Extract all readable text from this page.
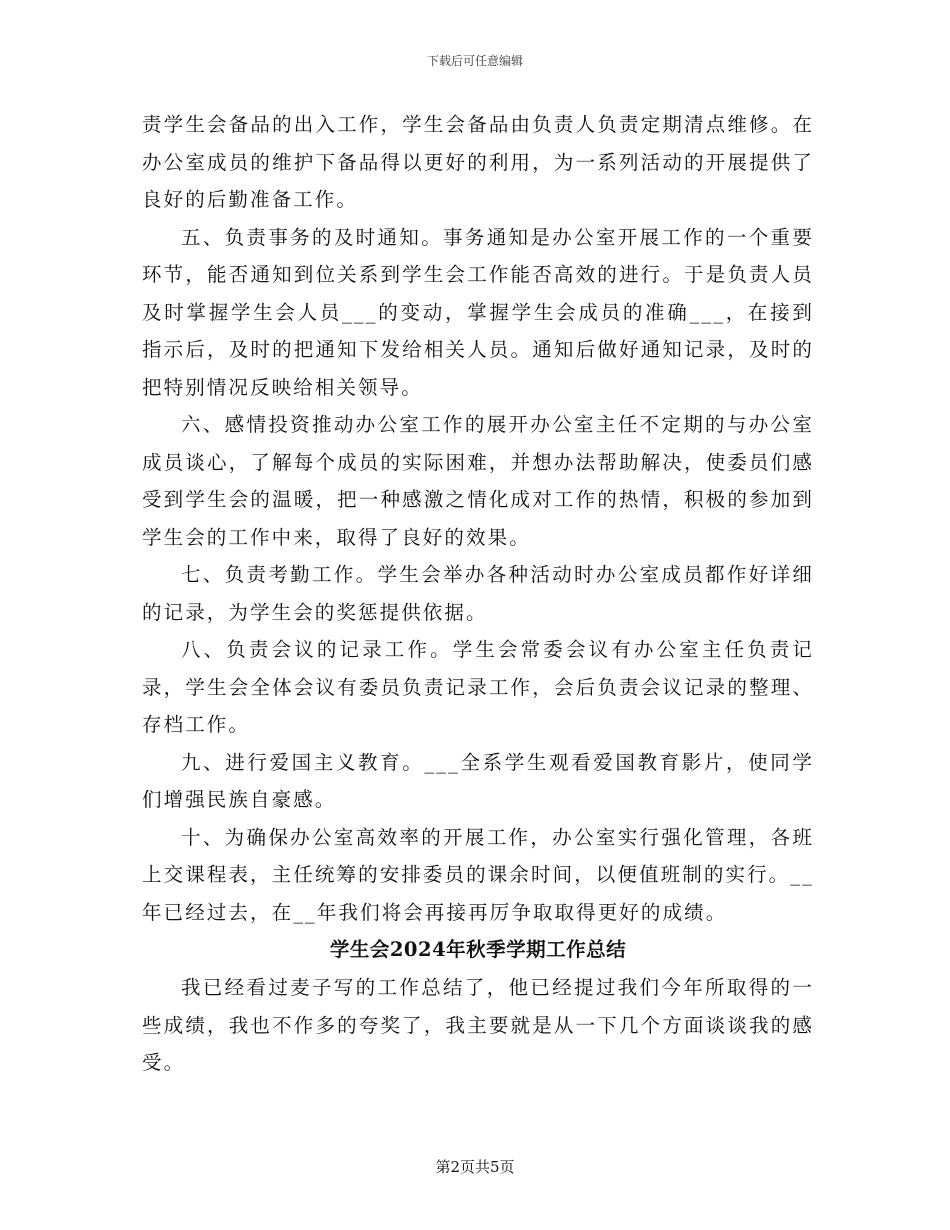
下载后可任意编辑

责学生会备品的出入工作，学生会备品由负责人负责定期清点维修。在办公室成员的维护下备品得以更好的利用，为一系列活动的开展提供了良好的后勤准备工作。

五、负责事务的及时通知。事务通知是办公室开展工作的一个重要环节，能否通知到位关系到学生会工作能否高效的进行。于是负责人员及时掌握学生会人员___的变动，掌握学生会成员的准确___，在接到指示后，及时的把通知下发给相关人员。通知后做好通知记录，及时的把特别情况反映给相关领导。

六、感情投资推动办公室工作的展开办公室主任不定期的与办公室成员谈心，了解每个成员的实际困难，并想办法帮助解决，使委员们感受到学生会的温暖，把一种感激之情化成对工作的热情，积极的参加到学生会的工作中来，取得了良好的效果。

七、负责考勤工作。学生会举办各种活动时办公室成员都作好详细的记录，为学生会的奖惩提供依据。

八、负责会议的记录工作。学生会常委会议有办公室主任负责记录，学生会全体会议有委员负责记录工作，会后负责会议记录的整理、存档工作。

九、进行爱国主义教育。___全系学生观看爱国教育影片，使同学们增强民族自豪感。

十、为确保办公室高效率的开展工作，办公室实行强化管理，各班上交课程表，主任统筹的安排委员的课余时间，以便值班制的实行。__年已经过去，在__年我们将会再接再厉争取取得更好的成绩。

学生会2024年秋季学期工作总结

我已经看过麦子写的工作总结了，他已经提过我们今年所取得的一些成绩，我也不作多的夸奖了，我主要就是从一下几个方面谈谈我的感受。

第2页共5页
